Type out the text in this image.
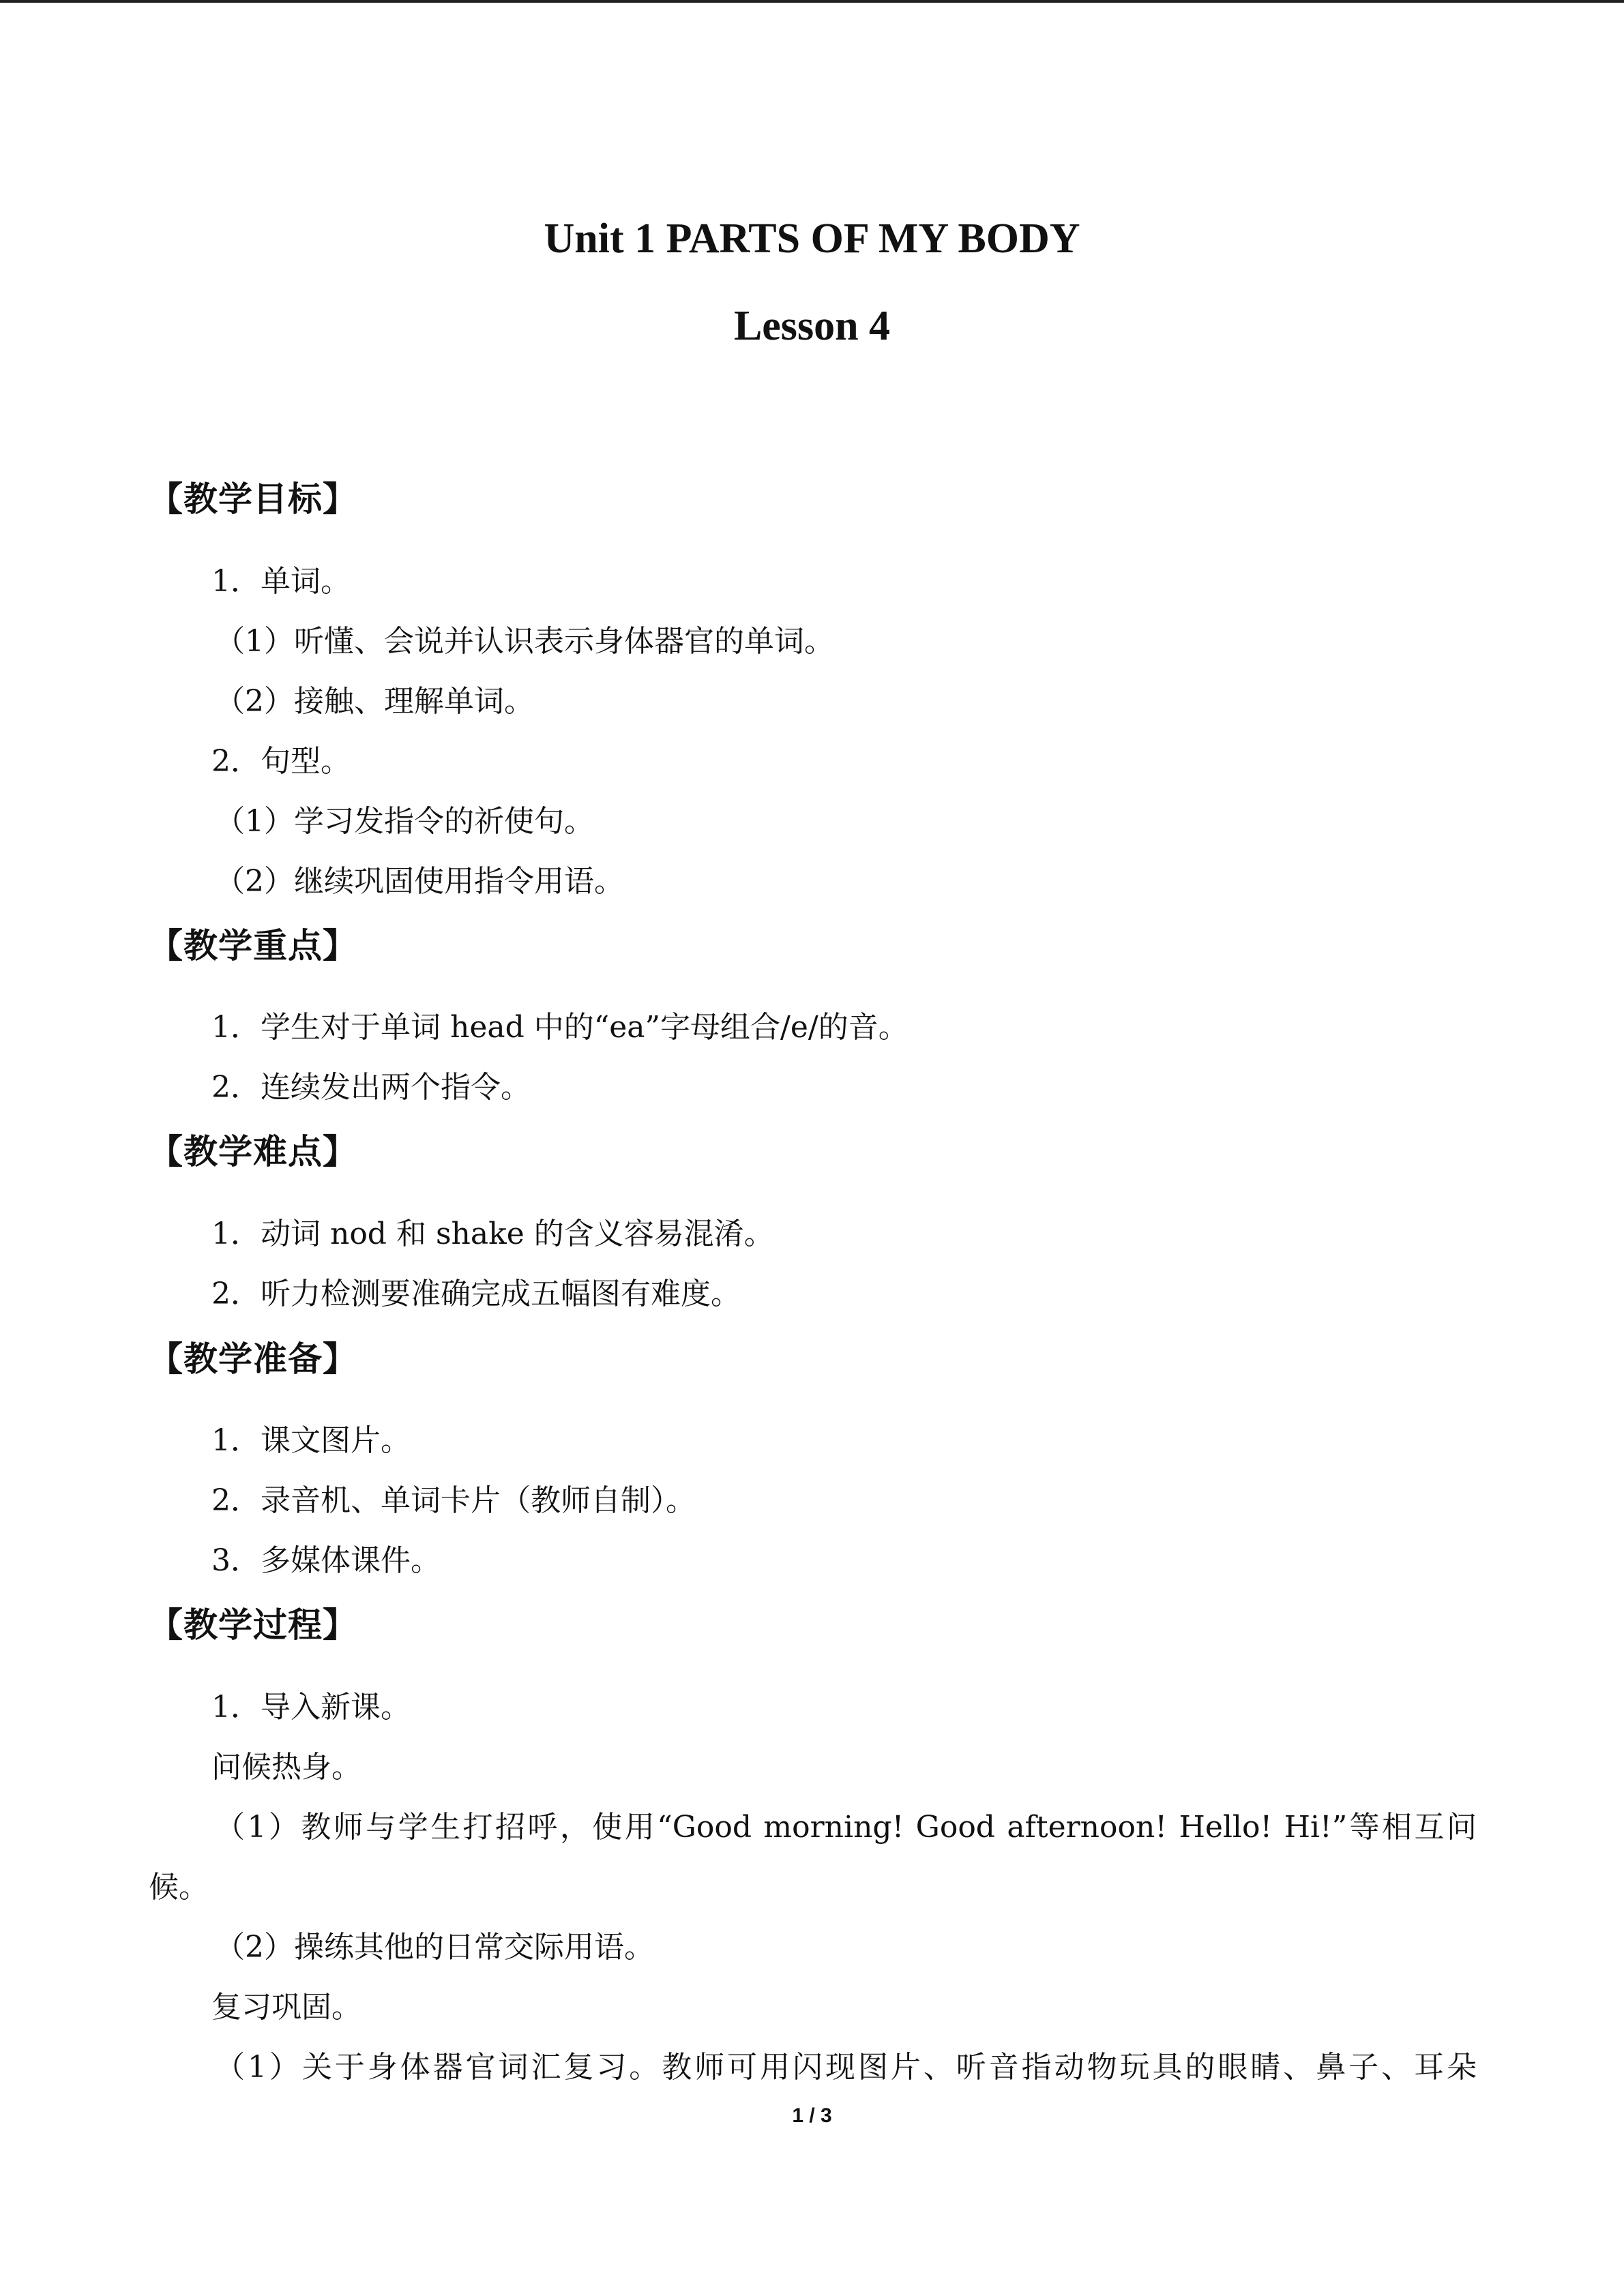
Unit 1 PARTS OF MY BODY
Lesson 4
【教学目标】
1．单词。
（1）听懂、会说并认识表示身体器官的单词。
（2）接触、理解单词。
2．句型。
（1）学习发指令的祈使句。
（2）继续巩固使用指令用语。
【教学重点】
1．学生对于单词 head 中的“ea”字母组合/e/的音。
2．连续发出两个指令。
【教学难点】
1．动词 nod 和 shake 的含义容易混淆。
2．听力检测要准确完成五幅图有难度。
【教学准备】
1．课文图片。
2．录音机、单词卡片（教师自制）。
3．多媒体课件。
【教学过程】
1．导入新课。
问候热身。
（1）教师与学生打招呼，使用“Good morning! Good afternoon! Hello! Hi!”等相互问
候。
（2）操练其他的日常交际用语。
复习巩固。
（1）关于身体器官词汇复习。教师可用闪现图片、听音指动物玩具的眼睛、鼻子、耳朵
1 / 3
